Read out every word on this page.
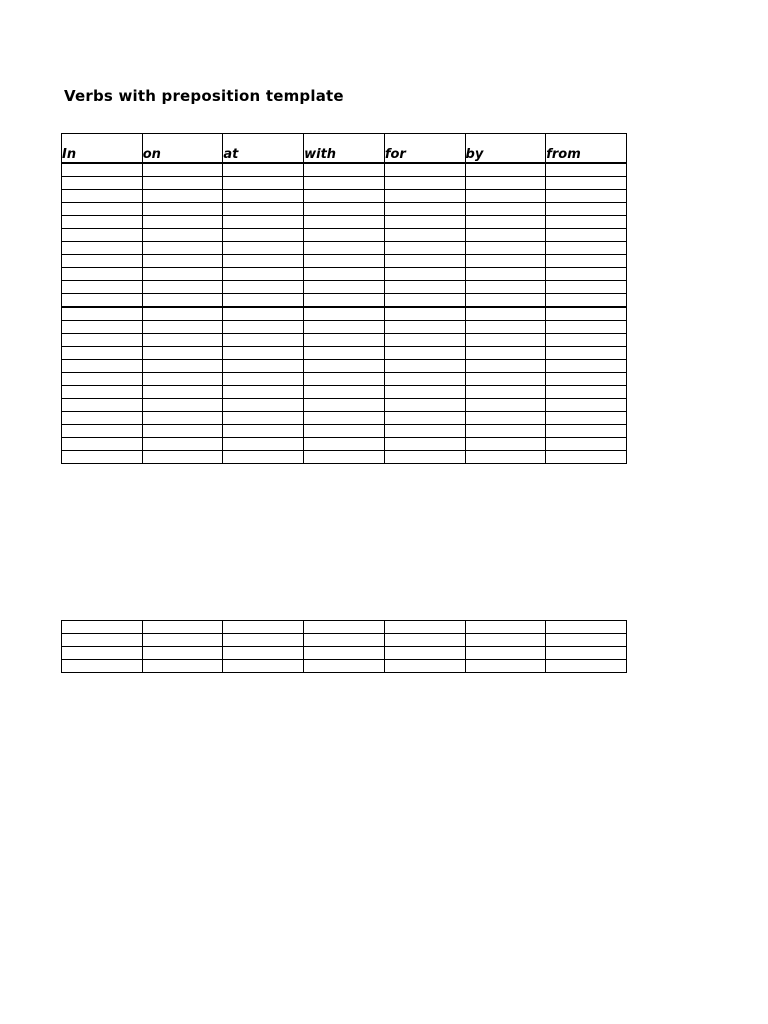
Verbs with preposition template
In	on	at	with	for	by	from
